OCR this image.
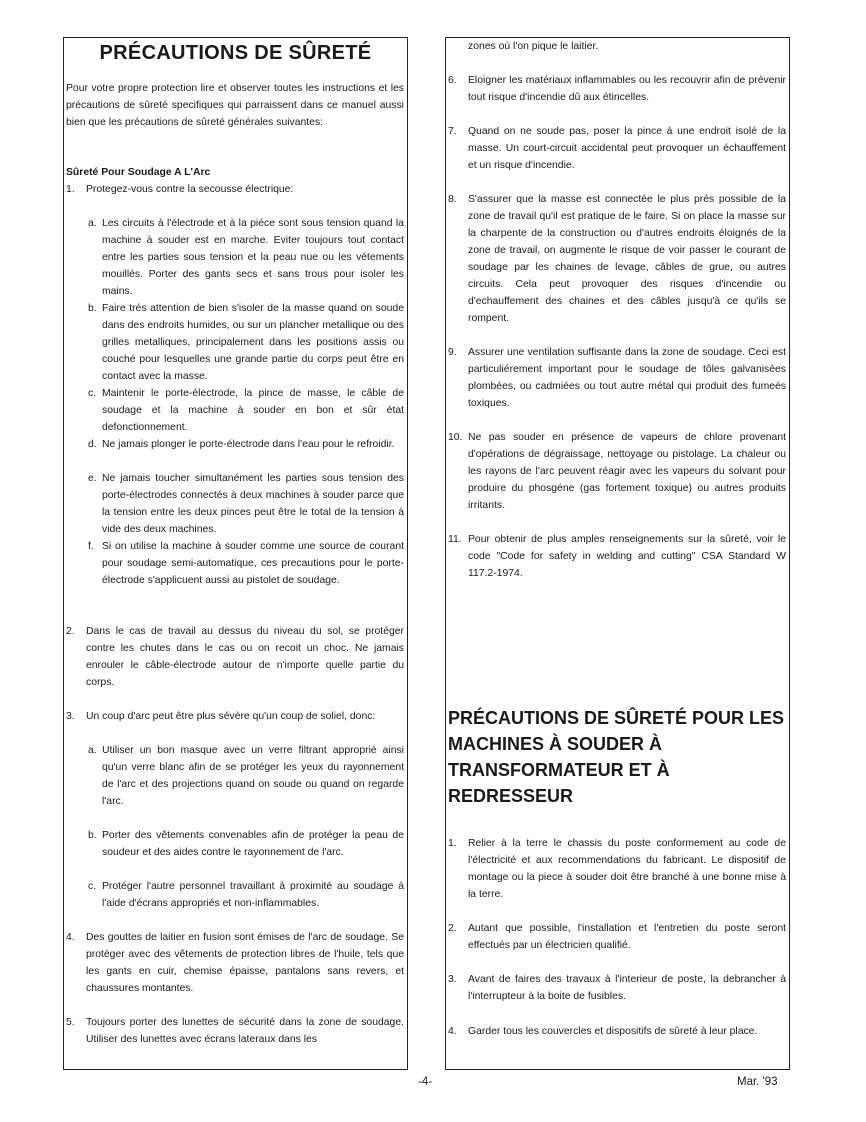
PRÉCAUTIONS DE SÛRETÉ
Pour votre propre protection lire et observer toutes les instructions et les précautions de sûreté specifiques qui parraissent dans ce manuel aussi bien que les précautions de sûreté générales suivantes:
Sûreté Pour Soudage A L'Arc
1.	Protegez-vous contre la secousse électrique:
a. Les circuits à l'électrode et à la piéce sont sous tension quand la machine à souder est en marche. Eviter toujours tout contact entre les parties sous tension et la peau nue ou les vétements mouillés. Porter des gants secs et sans trous pour isoler les mains.
b. Faire trés attention de bien s'isoler de la masse quand on soude dans des endroits humides, ou sur un plancher metallique ou des grilles metalliques, principalement dans les positions assis ou couché pour lesquelles une grande partie du corps peut être en contact avec la masse.
c. Maintenir le porte-électrode, la pince de masse, le câble de soudage et la machine à souder en bon et sûr état defonctionnement.
d. Ne jamais plonger le porte-électrode dans l'eau pour le refroidir.
e. Ne jamais toucher simultanément les parties sous tension des porte-électrodes connectés à deux machines à souder parce que la tension entre les deux pinces peut être le total de la tension à vide des deux machines.
f. Si on utilise la machine à souder comme une source de courant pour soudage semi-automatique, ces precautions pour le porte-électrode s'applicuent aussi au pistolet de soudage.
2.	Dans le cas de travail au dessus du niveau du sol, se protéger contre les chutes dans le cas ou on recoit un choc. Ne jamais enrouler le câble-électrode autour de n'importe quelle partie du corps.
3.	Un coup d'arc peut être plus sévère qu'un coup de soliel, donc:
a. Utiliser un bon masque avec un verre filtrant approprié ainsi qu'un verre blanc afin de se protéger les yeux du rayonnement de l'arc et des projections quand on soude ou quand on regarde l'arc.
b. Porter des vêtements convenables afin de protéger la peau de soudeur et des aides contre le rayonnement de l'arc.
c. Protéger l'autre personnel travaillant à proximité au soudage à l'aide d'écrans appropriés et non-inflammables.
4.	Des gouttes de laitier en fusion sont émises de l'arc de soudage. Se protéger avec des vêtements de protection libres de l'huile, tels que les gants en cuir, chemise épaisse, pantalons sans revers, et chaussures montantes.
5.	Toujours porter des lunettes de sécurité dans la zone de soudage. Utiliser des lunettes avec écrans lateraux dans les
zones où l'on pique le laitier.
6.	Eloigner les matériaux inflammables ou les recouvrir afin de prévenir tout risque d'incendie dû aux étincelles.
7.	Quand on ne soude pas, poser la pince à une endroit isolé de la masse. Un court-circuit accidental peut provoquer un échauffement et un risque d'incendie.
8.	S'assurer que la masse est connectée le plus prés possible de la zone de travail qu'il est pratique de le faire. Si on place la masse sur la charpente de la construction ou d'autres endroits éloignés de la zone de travail, on augmente le risque de voir passer le courant de soudage par les chaines de levage, câbles de grue, ou autres circuits. Cela peut provoquer des risques d'incendie ou d'echauffement des chaines et des câbles jusqu'à ce qu'ils se rompent.
9.	Assurer une ventilation suffisante dans la zone de soudage. Ceci est particuliérement important pour le soudage de tôles galvanisées plombées, ou cadmiées ou tout autre métal qui produit des fumeés toxiques.
10. Ne pas souder en présence de vapeurs de chlore provenant d'opérations de dégraissage, nettoyage ou pistolage. La chaleur ou les rayons de l'arc peuvent réagir avec les vapeurs du solvant pour produire du phosgéne (gas fortement toxique) ou autres produits irritants.
11. Pour obtenir de plus amples renseignements sur la sûreté, voir le code "Code for safety in welding and cutting" CSA Standard W 117.2-1974.
PRÉCAUTIONS DE SÛRETÉ POUR LES MACHINES À SOUDER À TRANSFORMATEUR ET À REDRESSEUR
1.	Relier à la terre le chassis du poste conformement au code de l'électricité et aux recommendations du fabricant. Le dispositif de montage ou la piece à souder doit être branché à une bonne mise à la terre.
2.	Autant que possible, l'installation et l'entretien du poste seront effectués par un électricien qualifié.
3.	Avant de faires des travaux à l'interieur de poste, la debrancher à l'interrupteur à la boite de fusibles.
4.	Garder tous les couvercles et dispositifs de sûreté à leur place.
-4-	Mar. '93
